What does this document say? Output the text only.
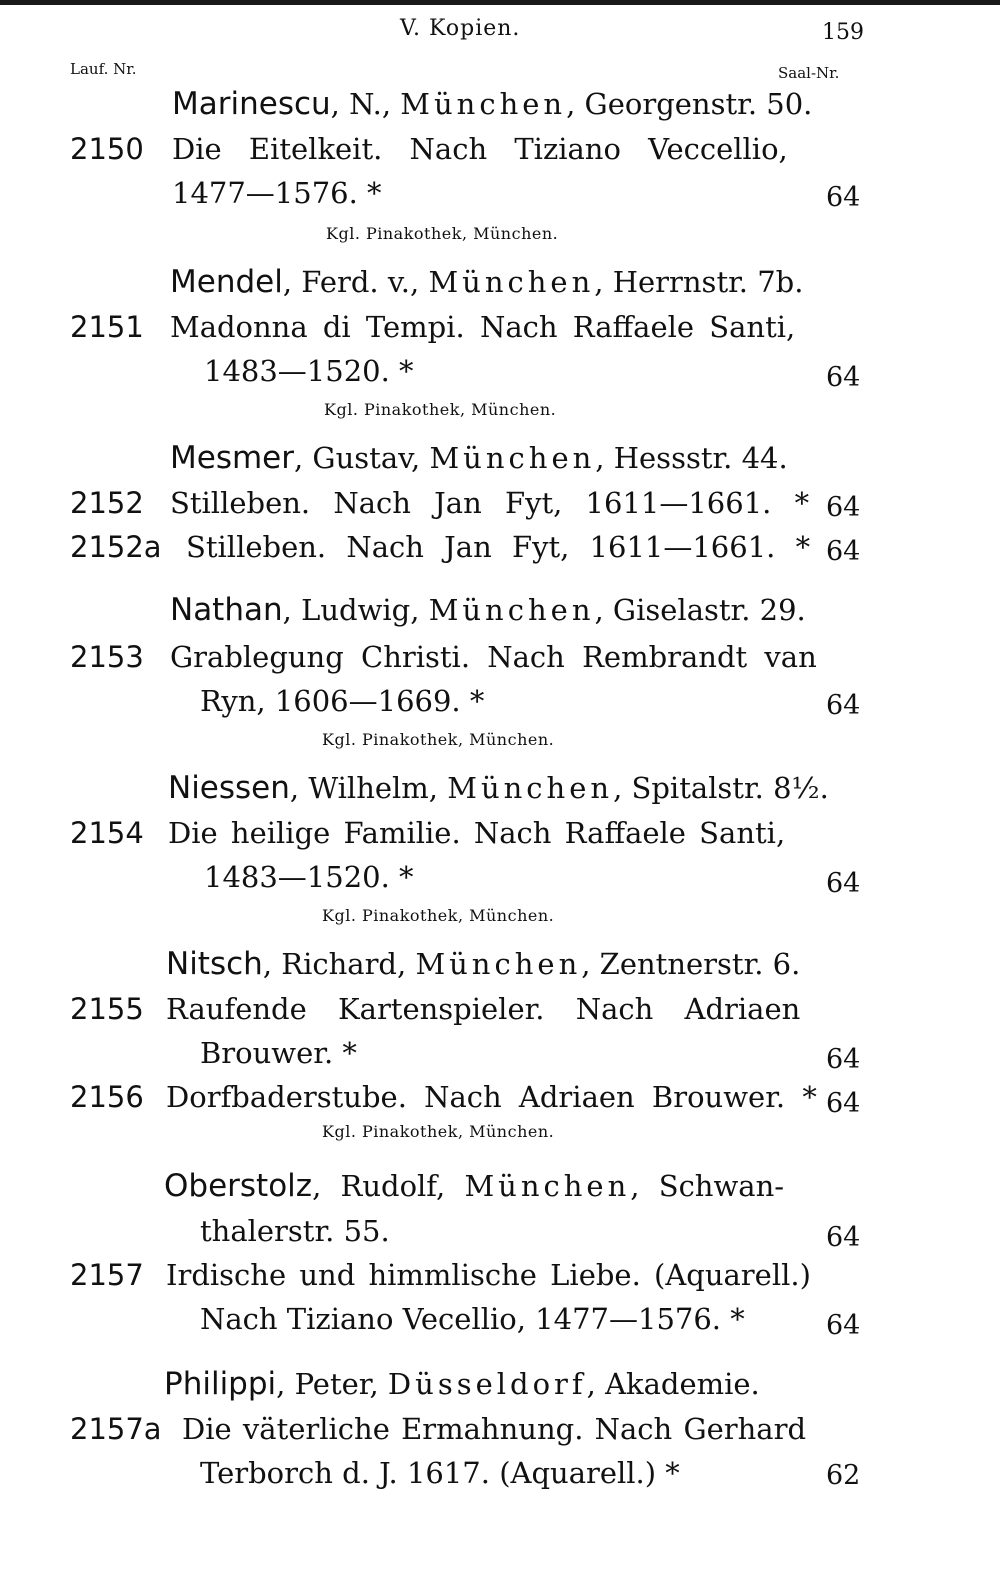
V. Kopien.	159
Lauf. Nr.	Saal-Nr.
Marinescu, N., München, Georgenstr. 50.
2150 Die Eitelkeit. Nach Tiziano Veccellio,
1477—1576. *	64
Kgl. Pinakothek, München.
Mendel, Ferd. v., München, Herrnstr. 7b.
2151 Madonna di Tempi. Nach Raffaele Santi,
1483—1520. *	64
Kgl. Pinakothek, München.
Mesmer, Gustav, München, Hessstr. 44.
2152 Stilleben. Nach Jan Fyt, 1611—1661. * 64
2152a Stilleben. Nach Jan Fyt, 1611—1661. * 64
Nathan, Ludwig, München, Giselastr. 29.
2153 Grablegung Christi. Nach Rembrandt van
Ryn, 1606—1669. *	64
Kgl. Pinakothek, München.
Niessen, Wilhelm, München, Spitalstr. 8½.
2154 Die heilige Familie. Nach Raffaele Santi,
1483—1520. *	64
Kgl. Pinakothek, München.
Nitsch, Richard, München, Zentnerstr. 6.
2155 Raufende Kartenspieler. Nach Adriaen
Brouwer. *	64
2156 Dorfbaderstube. Nach Adriaen Brouwer. * 64
Kgl. Pinakothek, München.
Oberstolz, Rudolf, München, Schwan-
thalerstr. 55.	64
2157 Irdische und himmlische Liebe. (Aquarell.)
Nach Tiziano Vecellio, 1477—1576. *	64
Philippi, Peter, Düsseldorf, Akademie.
2157a Die väterliche Ermahnung. Nach Gerhard
Terborch d. J. 1617. (Aquarell.) *	62
